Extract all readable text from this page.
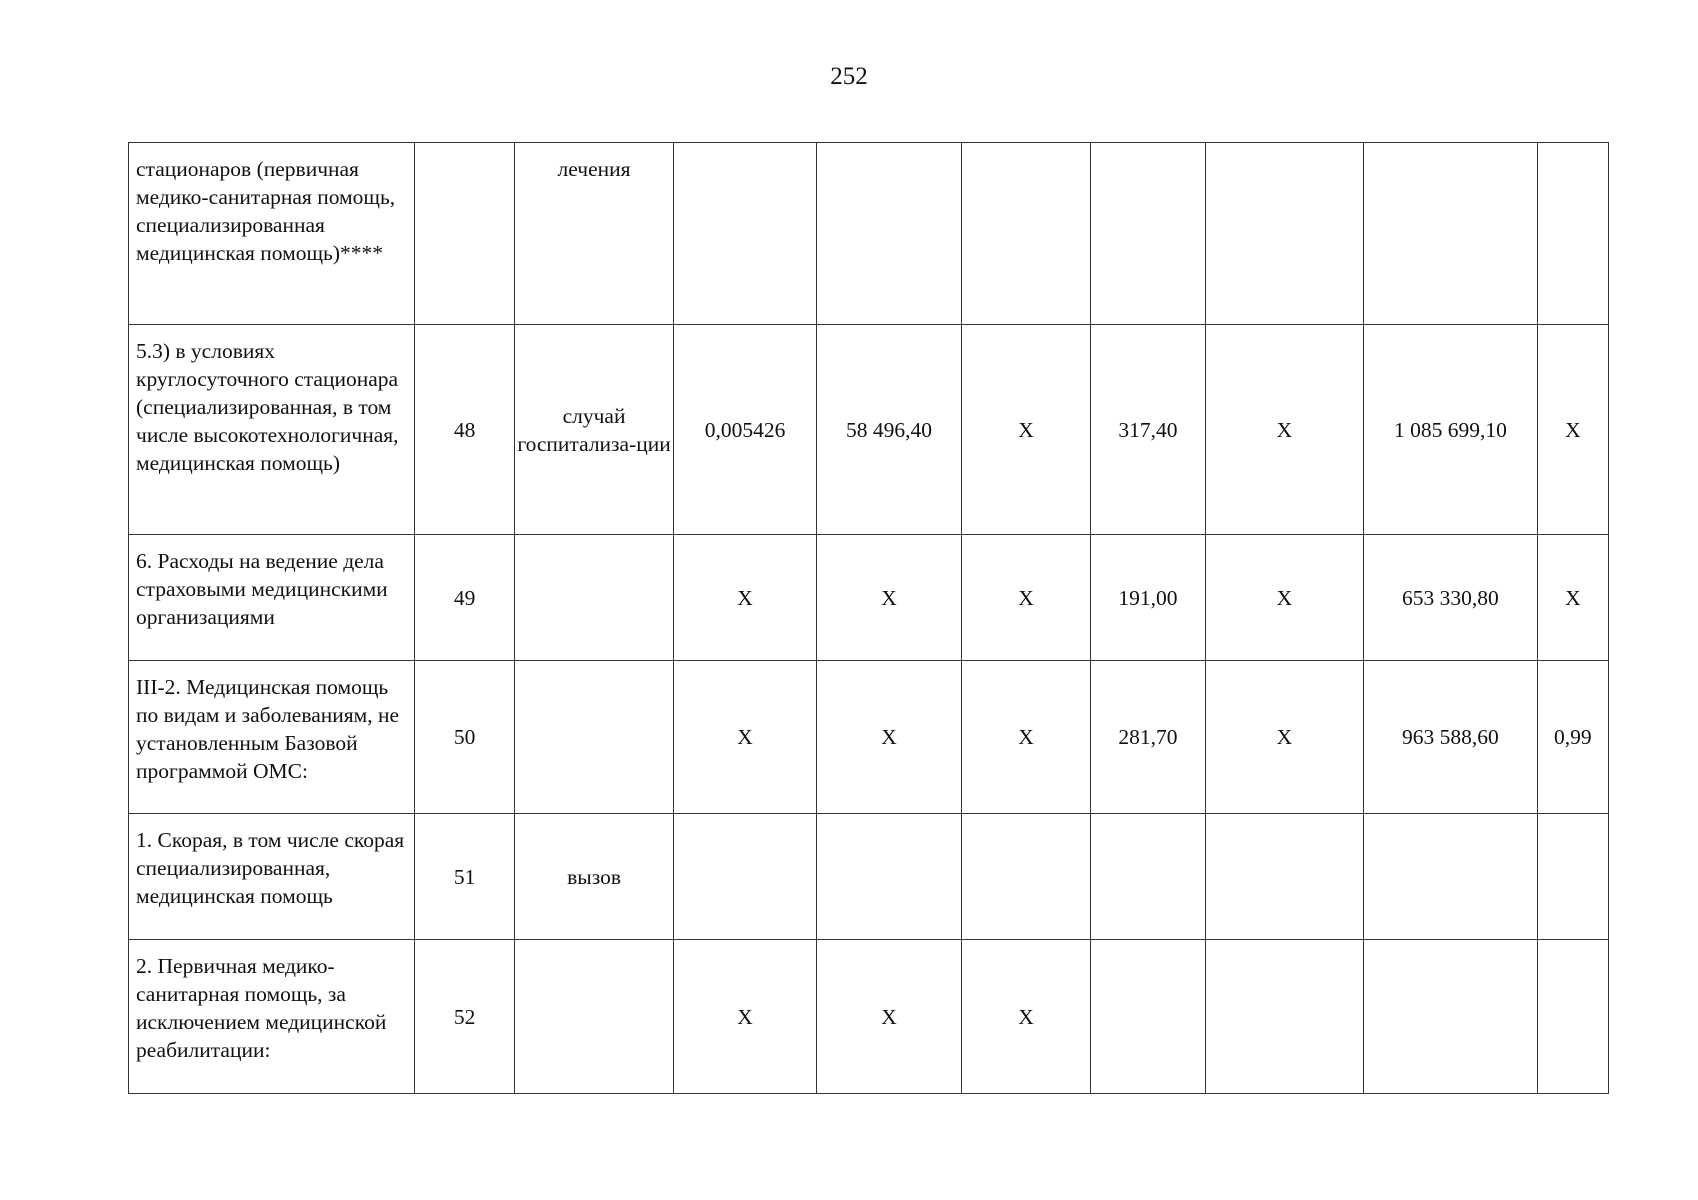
252
стационаров (первичная медико-санитарная помощь, специализированная медицинская помощь)****		лечения							
5.3) в условиях круглосуточного стационара (специализированная, в том числе высокотехнологичная, медицинская помощь)	48	случай госпитализа-ции	0,005426	58 496,40	X	317,40	X	1 085 699,10	X
6. Расходы на ведение дела страховыми медицинскими организациями	49		X	X	X	191,00	X	653 330,80	X
III-2. Медицинская помощь по видам и заболеваниям, не установленным Базовой программой ОМС:	50		X	X	X	281,70	X	963 588,60	0,99
1. Скорая, в том числе скорая специализированная, медицинская помощь	51	вызов							
2. Первичная медико-санитарная помощь, за исключением медицинской реабилитации:	52		X	X	X				
